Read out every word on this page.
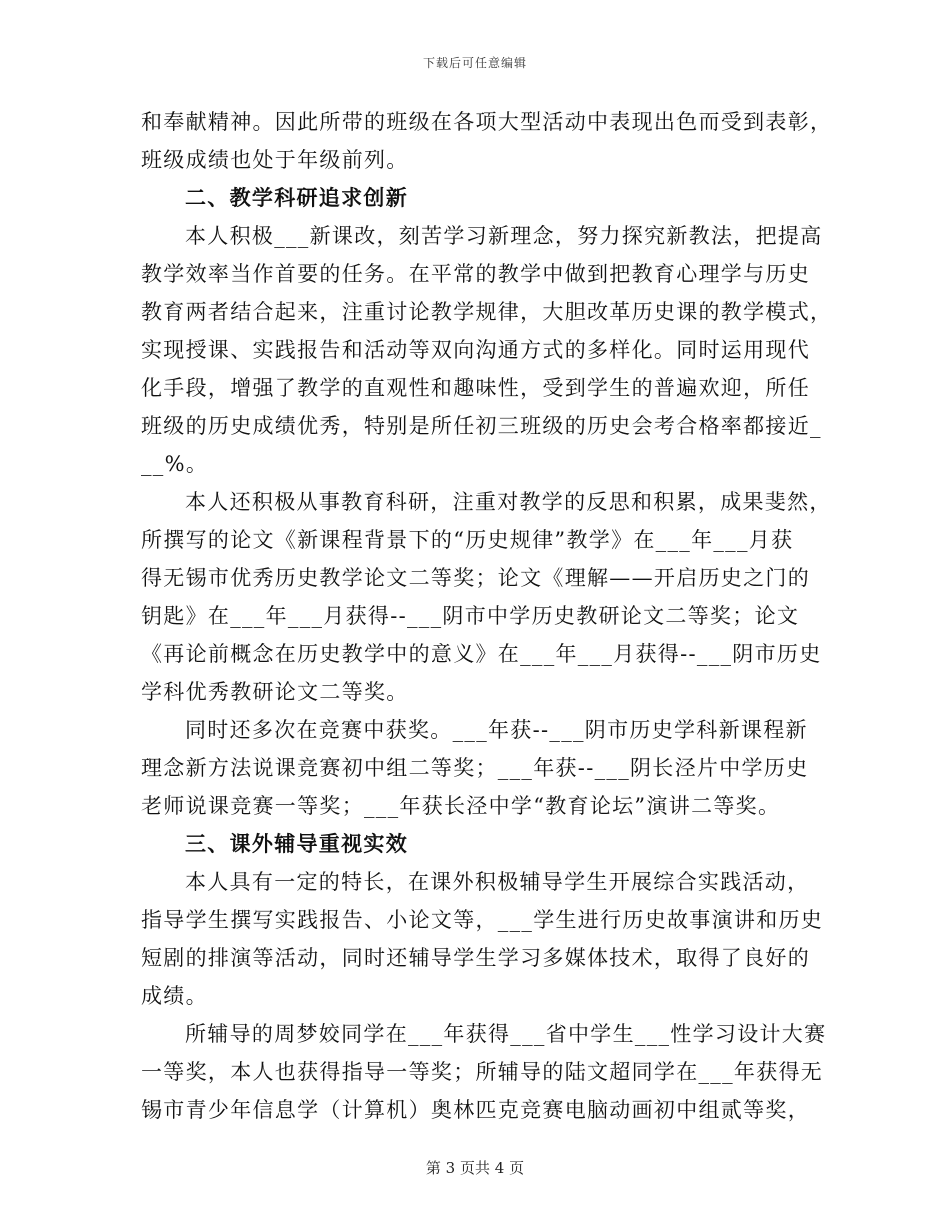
下载后可任意编辑
和奉献精神。因此所带的班级在各项大型活动中表现出色而受到表彰，
班级成绩也处于年级前列。
二、教学科研追求创新
本人积极___新课改，刻苦学习新理念，努力探究新教法，把提高
教学效率当作首要的任务。在平常的教学中做到把教育心理学与历史
教育两者结合起来，注重讨论教学规律，大胆改革历史课的教学模式，
实现授课、实践报告和活动等双向沟通方式的多样化。同时运用现代
化手段，增强了教学的直观性和趣味性，受到学生的普遍欢迎，所任
班级的历史成绩优秀，特别是所任初三班级的历史会考合格率都接近_
__%。
本人还积极从事教育科研，注重对教学的反思和积累，成果斐然，
所撰写的论文《新课程背景下的“历史规律”教学》在___年___月获
得无锡市优秀历史教学论文二等奖；论文《理解——开启历史之门的
钥匙》在___年___月获得--___阴市中学历史教研论文二等奖；论文
《再论前概念在历史教学中的意义》在___年___月获得--___阴市历史
学科优秀教研论文二等奖。
同时还多次在竞赛中获奖。___年获--___阴市历史学科新课程新
理念新方法说课竞赛初中组二等奖；___年获--___阴长泾片中学历史
老师说课竞赛一等奖；___年获长泾中学“教育论坛”演讲二等奖。
三、课外辅导重视实效
本人具有一定的特长，在课外积极辅导学生开展综合实践活动，
指导学生撰写实践报告、小论文等，___学生进行历史故事演讲和历史
短剧的排演等活动，同时还辅导学生学习多媒体技术，取得了良好的
成绩。
所辅导的周梦姣同学在___年获得___省中学生___性学习设计大赛
一等奖，本人也获得指导一等奖；所辅导的陆文超同学在___年获得无
锡市青少年信息学（计算机）奥林匹克竞赛电脑动画初中组贰等奖，
第 3 页共 4 页
